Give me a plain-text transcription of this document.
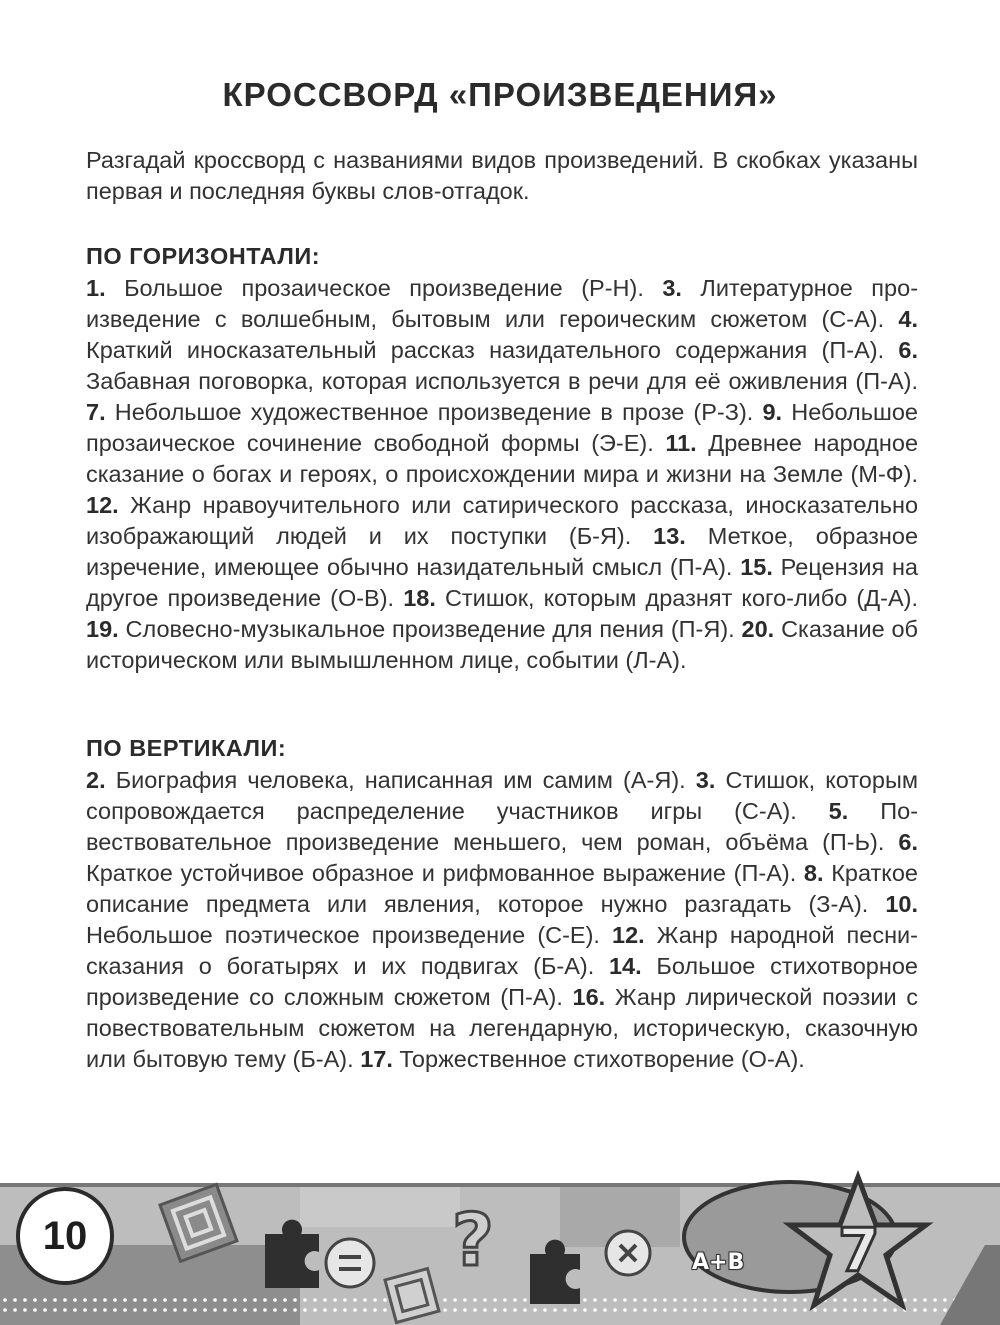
КРОССВОРД «ПРОИЗВЕДЕНИЯ»
Разгадай кроссворд с названиями видов произведений. В скобках указаны первая и последняя буквы слов-отгадок.
ПО ГОРИЗОНТАЛИ:
1. Большое прозаическое произведение (Р-Н). 3. Литературное произведение с волшебным, бытовым или героическим сюжетом (С-А). 4. Краткий иносказательный рассказ назидательного содержания (П-А). 6. Забавная поговорка, которая используется в речи для её оживления (П-А). 7. Небольшое художественное произведение в прозе (Р-З). 9. Небольшое прозаическое сочинение свободной формы (Э-Е). 11. Древнее народное сказание о богах и героях, о происхождении мира и жизни на Земле (М-Ф). 12. Жанр нравоучительного или сатирического рассказа, иносказательно изображающий людей и их поступки (Б-Я). 13. Меткое, образное изречение, имеющее обычно назидательный смысл (П-А). 15. Рецензия на другое произведение (О-В). 18. Стишок, которым дразнят кого-либо (Д-А). 19. Словесно-музыкальное произведение для пения (П-Я). 20. Сказание об историческом или вымышленном лице, событии (Л-А).
ПО ВЕРТИКАЛИ:
2. Биография человека, написанная им самим (А-Я). 3. Стишок, которым сопровождается распределение участников игры (С-А). 5. Повествовательное произведение меньшего, чем роман, объёма (П-Ь). 6. Краткое устойчивое образное и рифмованное выражение (П-А). 8. Краткое описание предмета или явления, которое нужно разгадать (З-А). 10. Небольшое поэтическое произведение (С-Е). 12. Жанр народной песни-сказания о богатырях и их подвигах (Б-А). 14. Большое стихотворное произведение со сложным сюжетом (П-А). 16. Жанр лирической поэзии с повествовательным сюжетом на легендарную, историческую, сказочную или бытовую тему (Б-А). 17. Торжественное стихотворение (О-А).
?	7
10
A+B
